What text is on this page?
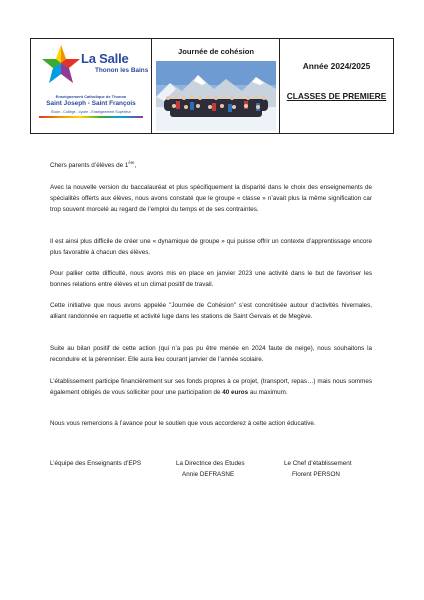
La Salle
Thonon les Bains
Enseignement Catholique de Thonon
Saint Joseph - Saint François
École - Collège - Lycée - Enseignement Supérieur
Journée de cohésion
Année 2024/2025
CLASSES DE PREMIERE

Chers parents d’élèves de 1ère,

Avec la nouvelle version du baccalauréat et plus spécifiquement la disparité dans le choix des enseignements de spécialités offerts aux élèves, nous avons constaté que le groupe « classe » n’avait plus la même signification car trop souvent morcelé au regard de l’emploi du temps et de ses contraintes.

Il est ainsi plus difficile de créer une « dynamique de groupe » qui puisse offrir un contexte d’apprentissage encore plus favorable à chacun des élèves.

Pour pallier cette difficulté, nous avons mis en place en janvier 2023 une activité dans le but de favoriser les bonnes relations entre élèves et un climat positif de travail.

Cette initiative que nous avons appelée "Journée de Cohésion" s’est concrétisée autour d’activités hivernales, alliant randonnée en raquette et activité luge dans les stations de Saint Gervais et de Megève.

Suite au bilan positif de cette action (qui n’a pas pu être menée en 2024 faute de neige), nous souhaitons la reconduire et la pérenniser. Elle aura lieu courant janvier de l’année scolaire.

L’établissement participe financièrement sur ses fonds propres à ce projet, (transport, repas…) mais nous sommes également obligés de vous solliciter pour une participation de 40 euros au maximum.

Nous vous remercions à l’avance pour le soutien que vous accorderez à cette action éducative.

L’équipe des Enseignants d’EPS	La Directrice des Etudes
Annie DEFRASNE
Le Chef d’établissement
Florent PERSON
